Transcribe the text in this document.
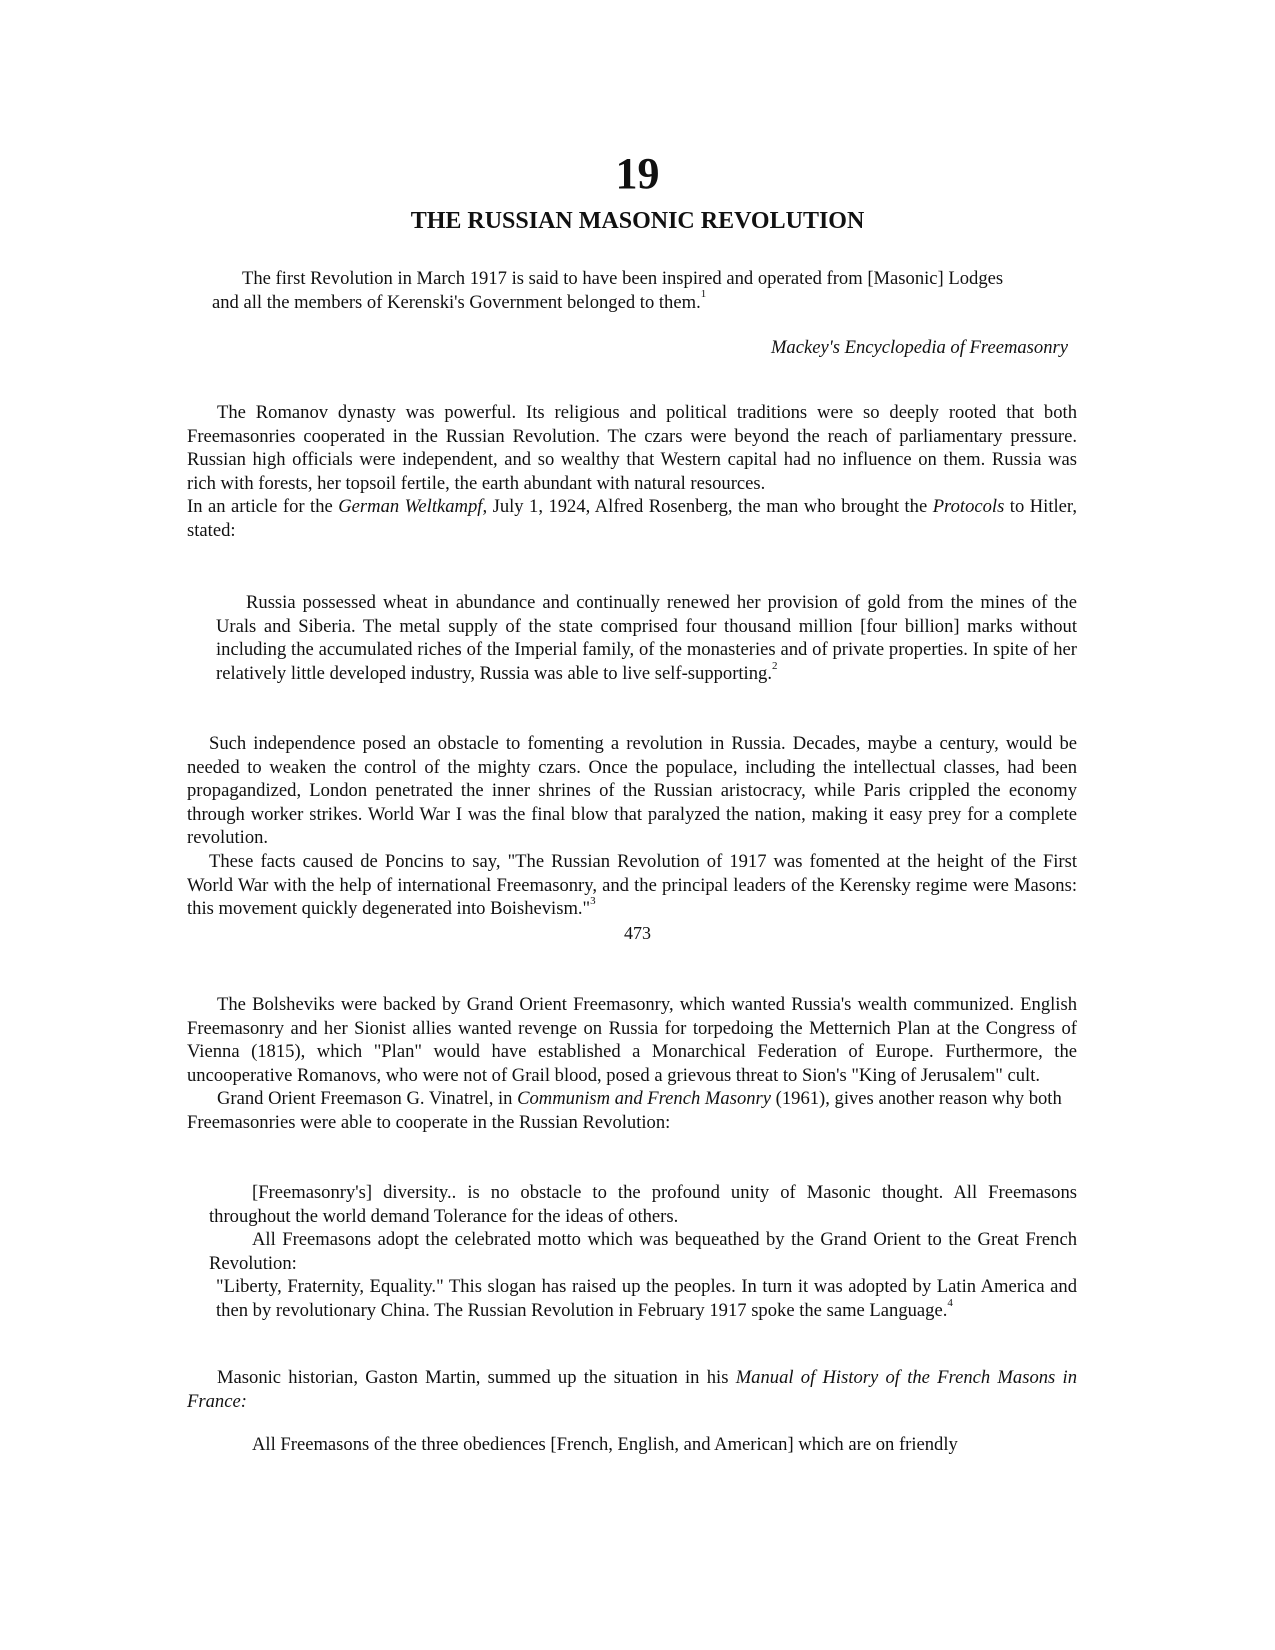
19
THE RUSSIAN MASONIC REVOLUTION

The first Revolution in March 1917 is said to have been inspired and operated from [Masonic] Lodges and all the members of Kerenski's Government belonged to them.$^1$

Mackey's Encyclopedia of Freemasonry

The Romanov dynasty was powerful. Its religious and political traditions were so deeply rooted that both Freemasonries cooperated in the Russian Revolution. The czars were beyond the reach of parliamentary pressure. Russian high officials were independent, and so wealthy that Western capital had no influence on them. Russia was rich with forests, her topsoil fertile, the earth abundant with natural resources.

In an article for the German Weltkampf, July 1, 1924, Alfred Rosenberg, the man who brought the Protocols to Hitler, stated:

Russia possessed wheat in abundance and continually renewed her provision of gold from the mines of the Urals and Siberia. The metal supply of the state comprised four thousand million [four billion] marks without including the accumulated riches of the Imperial family, of the monasteries and of private properties. In spite of her relatively little developed industry, Russia was able to live self-supporting.$^2$

Such independence posed an obstacle to fomenting a revolution in Russia. Decades, maybe a century, would be needed to weaken the control of the mighty czars. Once the populace, including the intellectual classes, had been propagandized, London penetrated the inner shrines of the Russian aristocracy, while Paris crippled the economy through worker strikes. World War I was the final blow that paralyzed the nation, making it easy prey for a complete revolution.

These facts caused de Poncins to say, "The Russian Revolution of 1917 was fomented at the height of the First World War with the help of international Freemasonry, and the principal leaders of the Kerensky regime were Masons: this movement quickly degenerated into Boishevism."$^3$

473

The Bolsheviks were backed by Grand Orient Freemasonry, which wanted Russia's wealth communized. English Freemasonry and her Sionist allies wanted revenge on Russia for torpedoing the Metternich Plan at the Congress of Vienna (1815), which "Plan" would have established a Monarchical Federation of Europe. Furthermore, the uncooperative Romanovs, who were not of Grail blood, posed a grievous threat to Sion's "King of Jerusalem" cult.

Grand Orient Freemason G. Vinatrel, in Communism and French Masonry (1961), gives another reason why both Freemasonries were able to cooperate in the Russian Revolution:

[Freemasonry's] diversity.. is no obstacle to the profound unity of Masonic thought. All Freemasons throughout the world demand Tolerance for the ideas of others.

All Freemasons adopt the celebrated motto which was bequeathed by the Grand Orient to the Great French Revolution:

"Liberty, Fraternity, Equality." This slogan has raised up the peoples. In turn it was adopted by Latin America and then by revolutionary China. The Russian Revolution in February 1917 spoke the same Language.$^4$

Masonic historian, Gaston Martin, summed up the situation in his Manual of History of the French Masons in France:

All Freemasons of the three obediences [French, English, and American] which are on friendly
